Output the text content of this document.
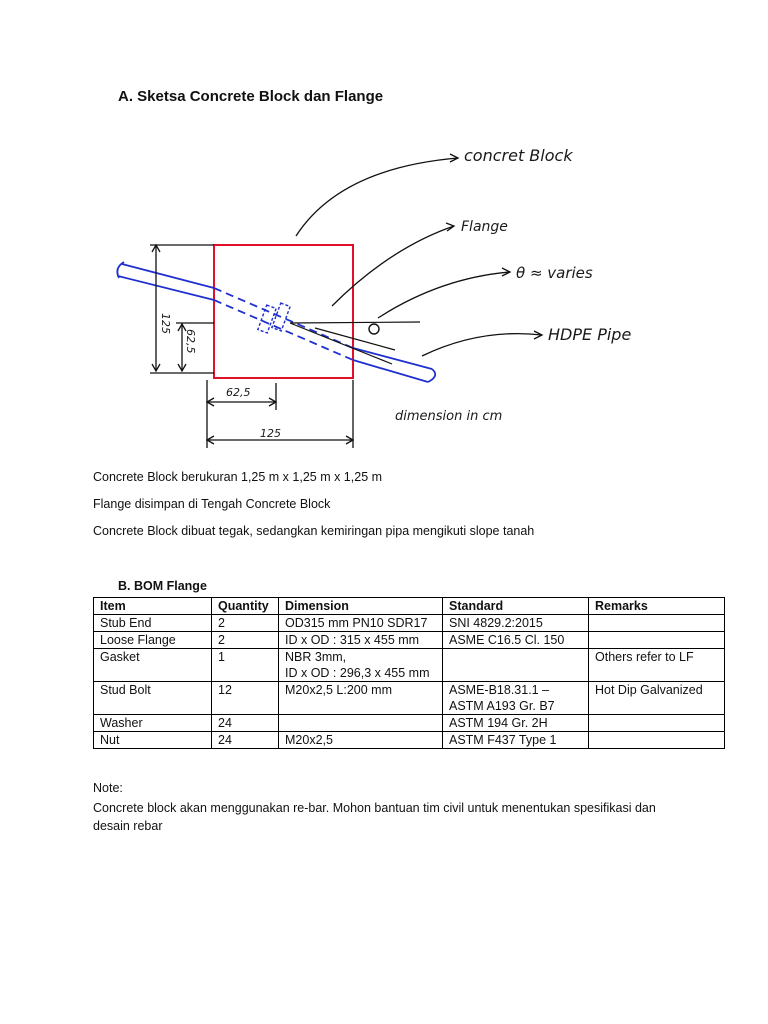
A. Sketsa Concrete Block dan Flange
125
62,5
62,5
125
concret Block
Flange
θ ≈ varies
HDPE Pipe
dimension in cm
Concrete Block berukuran 1,25 m x 1,25 m x 1,25 m
Flange disimpan di Tengah Concrete Block
Concrete Block dibuat tegak, sedangkan kemiringan pipa mengikuti slope tanah
B. BOM Flange
Item	Quantity	Dimension	Standard	Remarks
Stub End	2	OD315 mm PN10 SDR17	SNI 4829.2:2015	
Loose Flange	2	ID x OD : 315 x 455 mm	ASME C16.5 Cl. 150	
Gasket	1	NBR 3mm,
ID x OD : 296,3 x 455 mm		Others refer to LF
Stud Bolt	12	M20x2,5 L:200 mm	ASME-B18.31.1 –
ASTM A193 Gr. B7	Hot Dip Galvanized
Washer	24		ASTM 194 Gr. 2H	
Nut	24	M20x2,5	ASTM F437 Type 1	
Note:
Concrete block akan menggunakan re-bar. Mohon bantuan tim civil untuk menentukan spesifikasi dan desain rebar
